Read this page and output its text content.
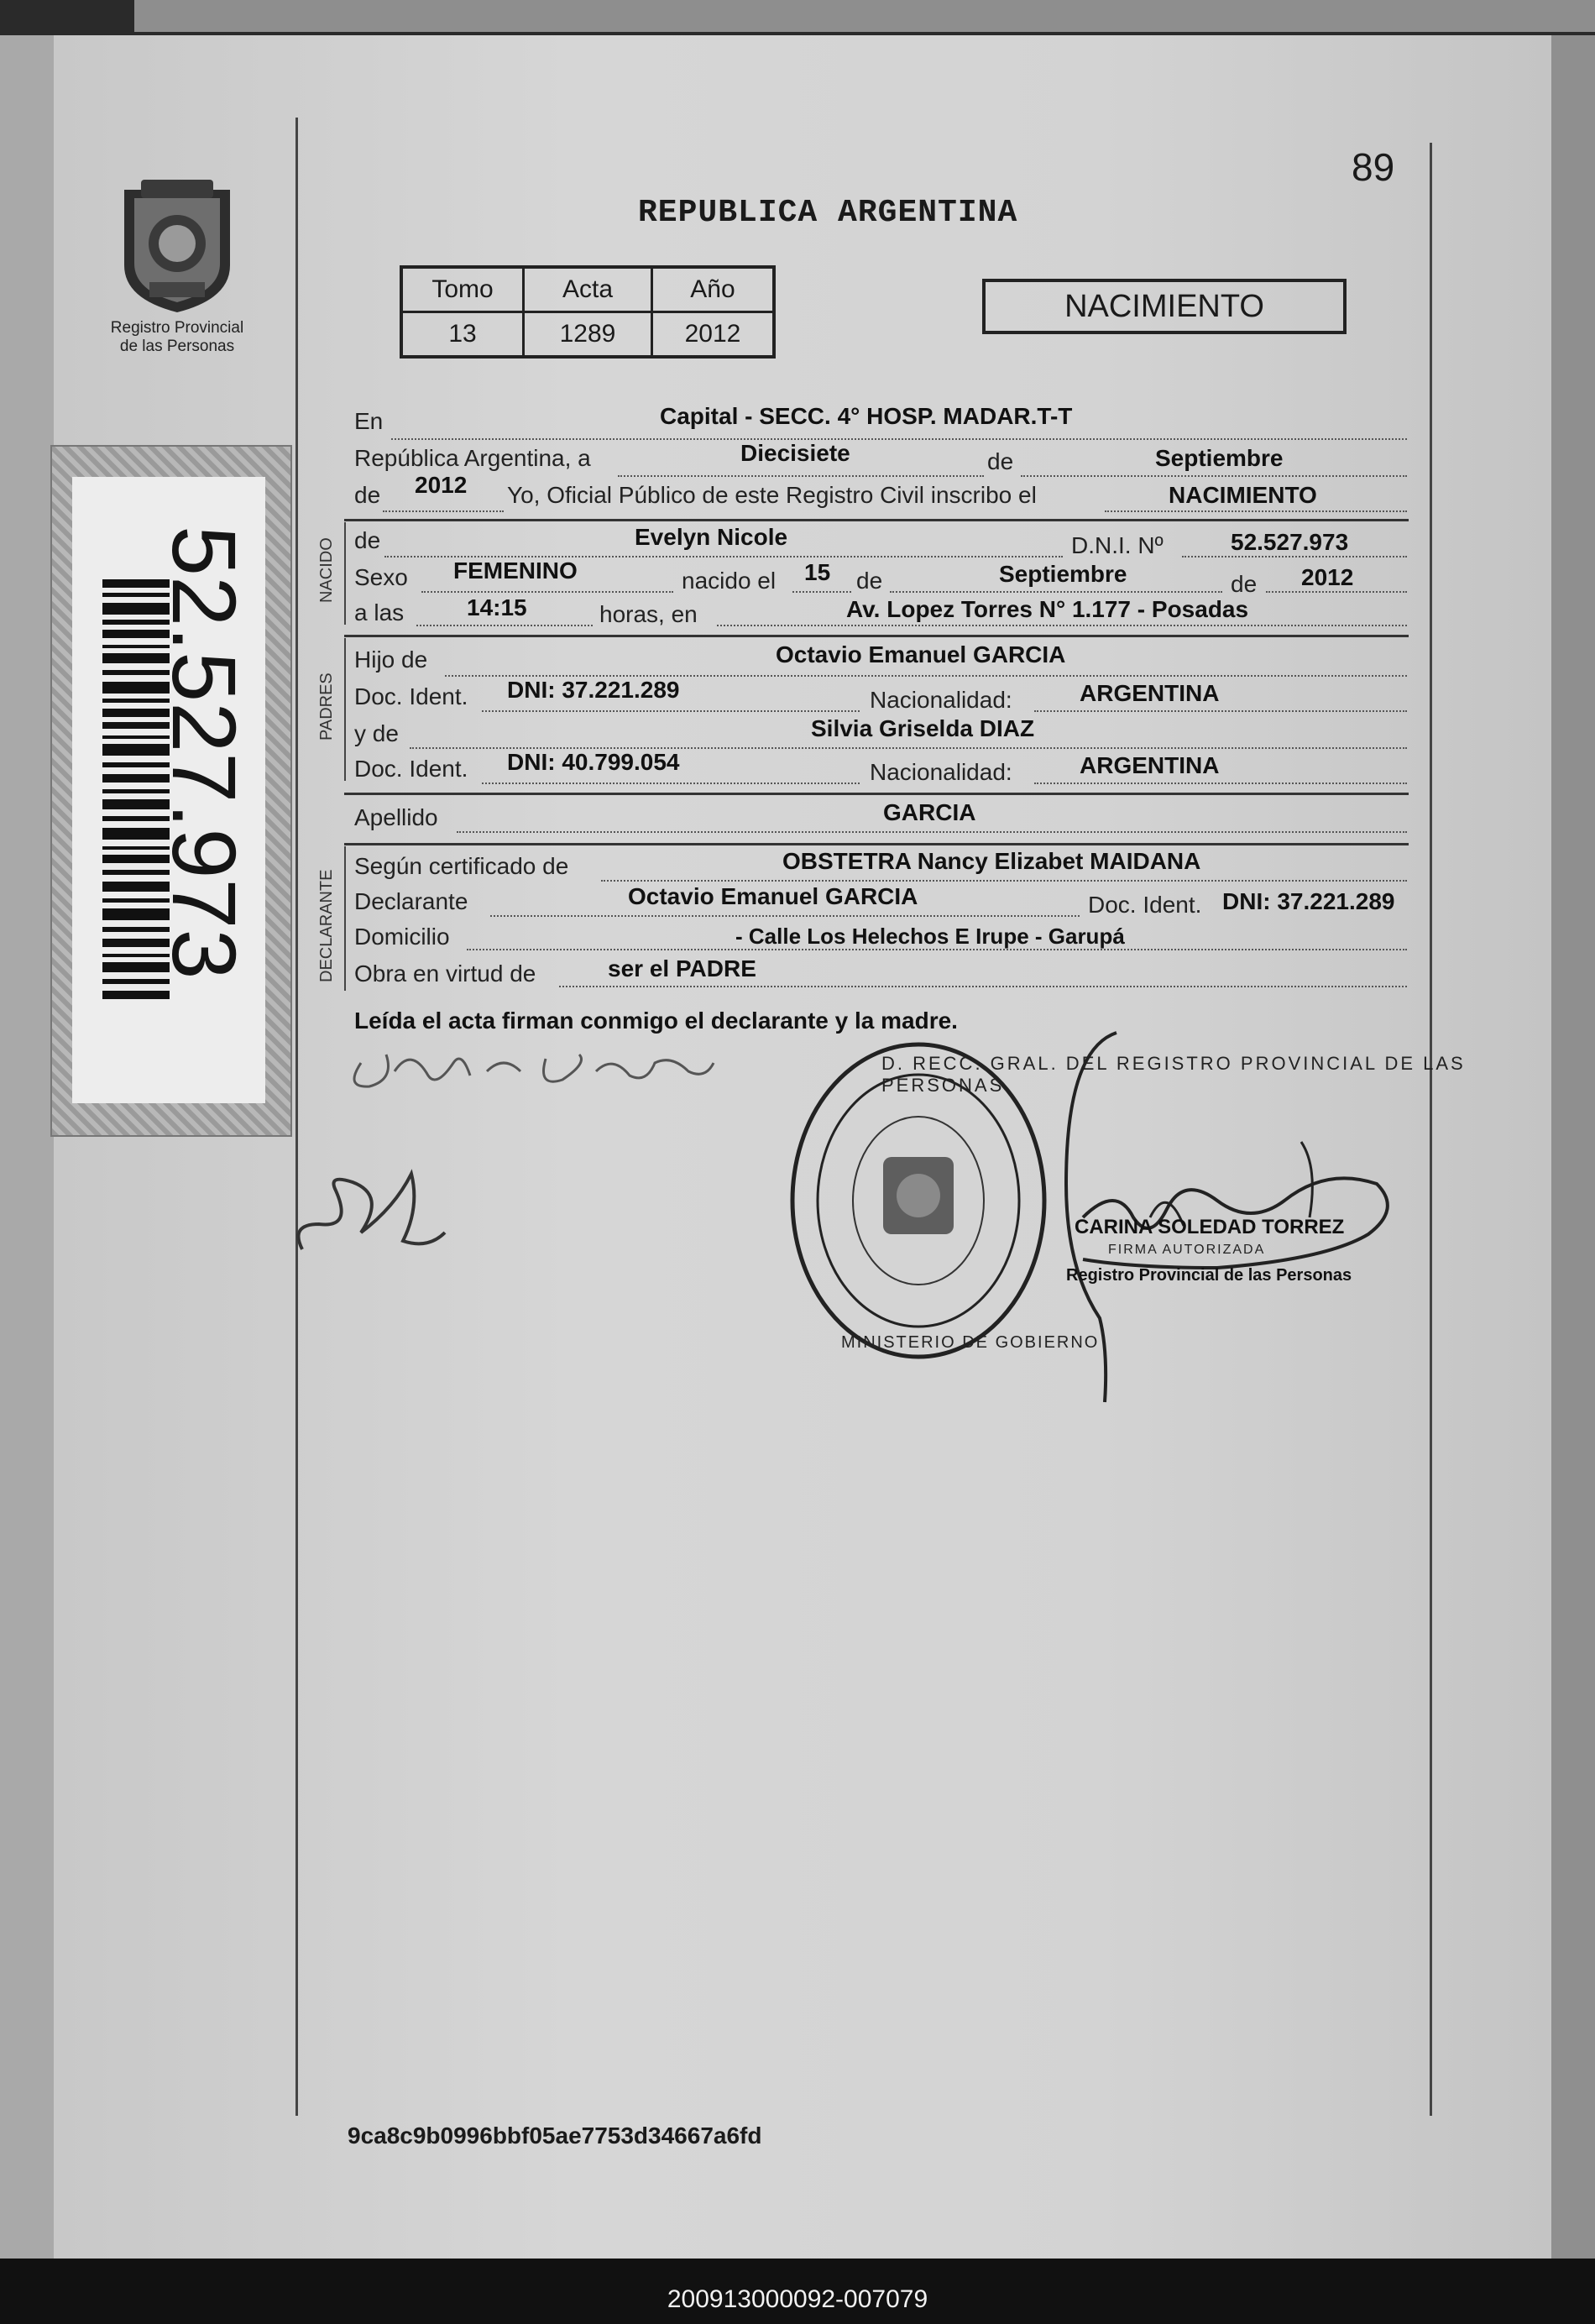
89
Registro Provincial
de las Personas
52.527.973
REPUBLICA ARGENTINA
Tomo	Acta	Año
13	1289	2012
NACIMIENTO
En	Capital - SECC. 4° HOSP. MADAR.T-T
República Argentina, a	Diecisiete	de	Septiembre
de 2012 Yo, Oficial Público de este Registro Civil inscribo el	NACIMIENTO
NACIDO de	Evelyn Nicole	D.N.I. Nº	52.527.973
Sexo FEMENINO	nacido el 15 de	Septiembre	de 2012
a las	14:15	horas, en	Av. Lopez Torres N° 1.177 - Posadas
PADRES
Hijo de	Octavio Emanuel GARCIA
Doc. Ident. DNI: 37.221.289	Nacionalidad:	ARGENTINA
y de	Silvia Griselda DIAZ
Doc. Ident. DNI: 40.799.054	Nacionalidad:	ARGENTINA
Apellido	GARCIA
DECLARANTE
Según certificado de	OBSTETRA Nancy Elizabet MAIDANA
Declarante	Octavio Emanuel GARCIA	Doc. Ident. DNI: 37.221.289
Domicilio	- Calle Los Helechos E Irupe - Garupá
Obra en virtud de	ser el PADRE
Leída el acta firman conmigo el declarante y la madre.
D. RECC. GRAL. DEL REGISTRO PROVINCIAL DE LAS PERSONAS
MINISTERIO DE GOBIERNO
CARINA SOLEDAD TORREZ
FIRMA AUTORIZADA
Registro Provincial de las Personas
9ca8c9b0996bbf05ae7753d34667a6fd
200913000092-007079
